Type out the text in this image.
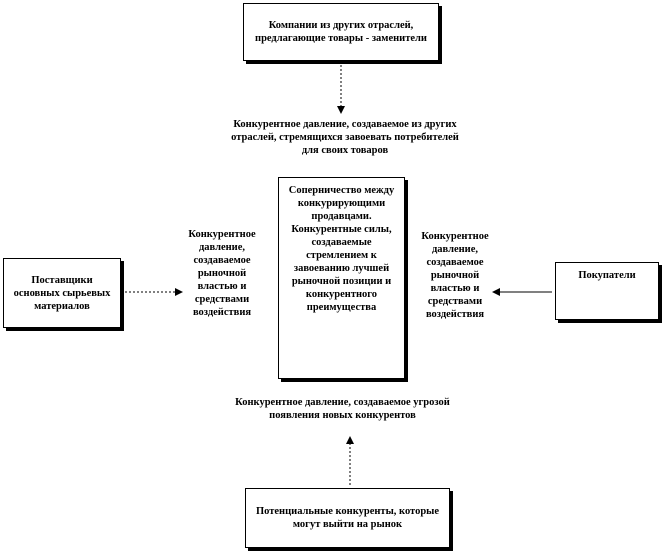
Компании из других отраслей, предлагающие товары - заменители
Конкурентное давление, создаваемое из других отраслей, стремящихся завоевать потребителей для своих товаров
Поставщики основных сырьевых материалов
Конкурентное давление, создаваемое рыночной властью и средствами воздействия
Соперничество между конкурирующими продавцами. Конкурентные силы, создаваемые стремлением к завоеванию лучшей рыночной позиции и конкурентного преимущества
Конкурентное давление, создаваемое рыночной властью и средствами воздействия
Покупатели
Конкурентное давление, создаваемое угрозой появления новых конкурентов
Потенциальные конкуренты, которые могут выйти на рынок
